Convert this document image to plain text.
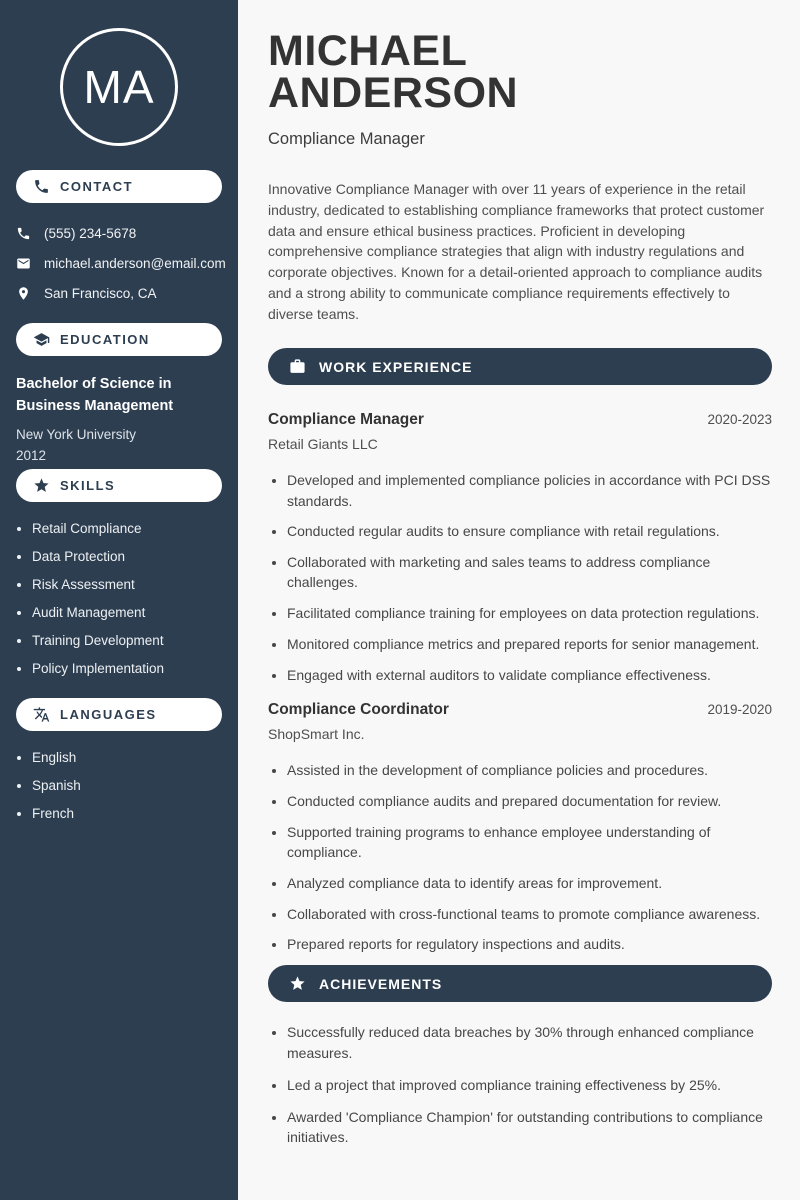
MA
CONTACT
(555) 234-5678
michael.anderson@email.com
San Francisco, CA
EDUCATION
Bachelor of Science in Business Management
New York University
2012
SKILLS
• Retail Compliance
• Data Protection
• Risk Assessment
• Audit Management
• Training Development
• Policy Implementation
LANGUAGES
• English
• Spanish
• French
MICHAEL
ANDERSON
Compliance Manager

Innovative Compliance Manager with over 11 years of experience in the retail industry, dedicated to establishing compliance frameworks that protect customer data and ensure ethical business practices. Proficient in developing comprehensive compliance strategies that align with industry regulations and corporate objectives. Known for a detail-oriented approach to compliance audits and a strong ability to communicate compliance requirements effectively to diverse teams.

WORK EXPERIENCE
Compliance Manager	2020-2023
Retail Giants LLC
• Developed and implemented compliance policies in accordance with PCI DSS standards.
• Conducted regular audits to ensure compliance with retail regulations.
• Collaborated with marketing and sales teams to address compliance challenges.
• Facilitated compliance training for employees on data protection regulations.
• Monitored compliance metrics and prepared reports for senior management.
• Engaged with external auditors to validate compliance effectiveness.
Compliance Coordinator	2019-2020
ShopSmart Inc.
• Assisted in the development of compliance policies and procedures.
• Conducted compliance audits and prepared documentation for review.
• Supported training programs to enhance employee understanding of compliance.
• Analyzed compliance data to identify areas for improvement.
• Collaborated with cross-functional teams to promote compliance awareness.
• Prepared reports for regulatory inspections and audits.
ACHIEVEMENTS
• Successfully reduced data breaches by 30% through enhanced compliance measures.
• Led a project that improved compliance training effectiveness by 25%.
• Awarded 'Compliance Champion' for outstanding contributions to compliance initiatives.
